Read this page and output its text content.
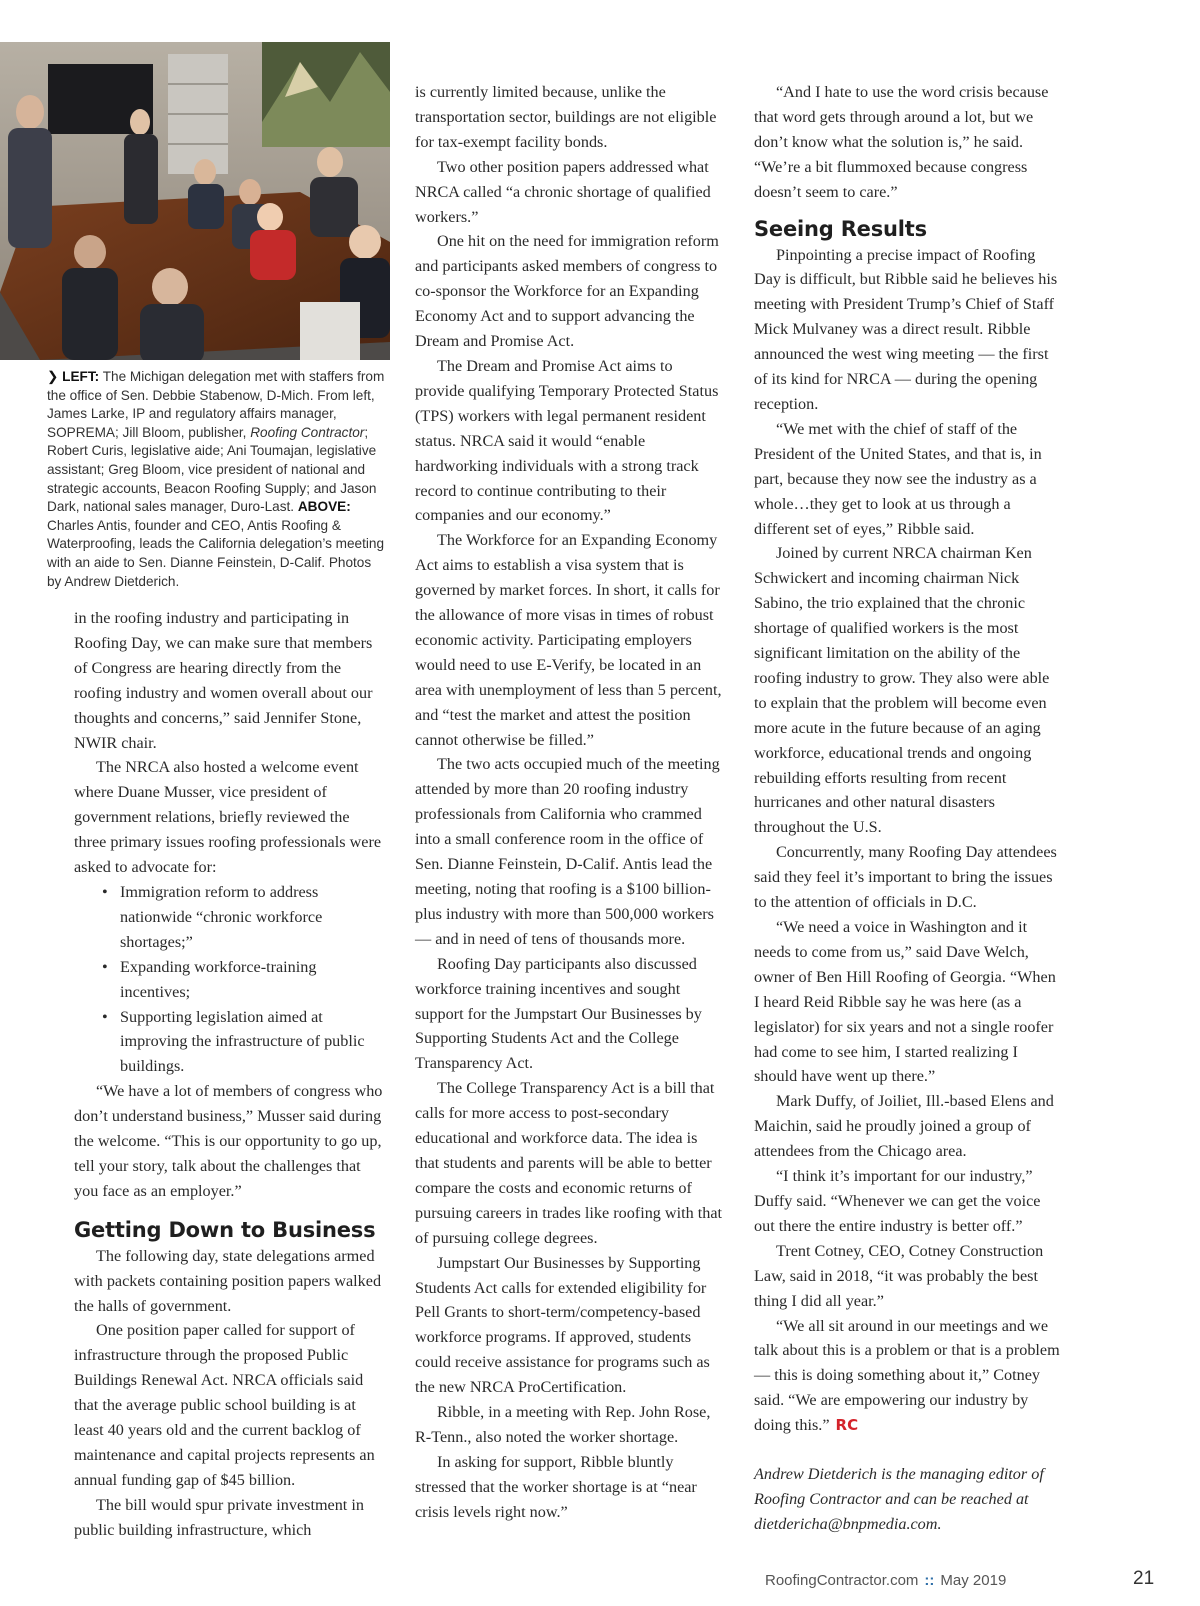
❯ LEFT: The Michigan delegation met with staffers from the office of Sen. Debbie Stabenow, D-Mich. From left, James Larke, IP and regulatory affairs manager, SOPREMA; Jill Bloom, publisher, Roofing Contractor; Robert Curis, legislative aide; Ani Toumajan, legislative assistant; Greg Bloom, vice president of national and strategic accounts, Beacon Roofing Supply; and Jason Dark, national sales manager, Duro-Last. ABOVE: Charles Antis, founder and CEO, Antis Roofing & Waterproofing, leads the California delegation’s meeting with an aide to Sen. Dianne Feinstein, D-Calif. Photos by Andrew Dietderich.

in the roofing industry and participating in Roofing Day, we can make sure that members of Congress are hearing directly from the roofing industry and women overall about our thoughts and concerns,” said Jennifer Stone, NWIR chair.

The NRCA also hosted a welcome event where Duane Musser, vice president of government relations, briefly reviewed the three primary issues roofing professionals were asked to advocate for:

• Immigration reform to address nationwide “chronic workforce shortages;”
• Expanding workforce-training incentives;
• Supporting legislation aimed at improving the infrastructure of public buildings.

“We have a lot of members of congress who don’t understand business,” Musser said during the welcome. “This is our opportunity to go up, tell your story, talk about the challenges that you face as an employer.”

Getting Down to Business

The following day, state delegations armed with packets containing position papers walked the halls of government.

One position paper called for support of infrastructure through the proposed Public Buildings Renewal Act. NRCA officials said that the average public school building is at least 40 years old and the current backlog of maintenance and capital projects represents an annual funding gap of $45 billion.

The bill would spur private investment in public building infrastructure, which

is currently limited because, unlike the transportation sector, buildings are not eligible for tax-exempt facility bonds.

Two other position papers addressed what NRCA called “a chronic shortage of qualified workers.”

One hit on the need for immigration reform and participants asked members of congress to co-sponsor the Workforce for an Expanding Economy Act and to support advancing the Dream and Promise Act.

The Dream and Promise Act aims to provide qualifying Temporary Protected Status (TPS) workers with legal permanent resident status. NRCA said it would “enable hardworking individuals with a strong track record to continue contributing to their companies and our economy.”

The Workforce for an Expanding Economy Act aims to establish a visa system that is governed by market forces. In short, it calls for the allowance of more visas in times of robust economic activity. Participating employers would need to use E-Verify, be located in an area with unemployment of less than 5 percent, and “test the market and attest the position cannot otherwise be filled.”

The two acts occupied much of the meeting attended by more than 20 roofing industry professionals from California who crammed into a small conference room in the office of Sen. Dianne Feinstein, D-Calif. Antis lead the meeting, noting that roofing is a $100 billion-plus industry with more than 500,000 workers — and in need of tens of thousands more.

Roofing Day participants also discussed workforce training incentives and sought support for the Jumpstart Our Businesses by Supporting Students Act and the College Transparency Act.

The College Transparency Act is a bill that calls for more access to post-secondary educational and workforce data. The idea is that students and parents will be able to better compare the costs and economic returns of pursuing careers in trades like roofing with that of pursuing college degrees.

Jumpstart Our Businesses by Supporting Students Act calls for extended eligibility for Pell Grants to short-term/competency-based workforce programs. If approved, students could receive assistance for programs such as the new NRCA ProCertification.

Ribble, in a meeting with Rep. John Rose, R-Tenn., also noted the worker shortage.

In asking for support, Ribble bluntly stressed that the worker shortage is at “near crisis levels right now.”

“And I hate to use the word crisis because that word gets through around a lot, but we don’t know what the solution is,” he said. “We’re a bit flummoxed because congress doesn’t seem to care.”

Seeing Results

Pinpointing a precise impact of Roofing Day is difficult, but Ribble said he believes his meeting with President Trump’s Chief of Staff Mick Mulvaney was a direct result. Ribble announced the west wing meeting — the first of its kind for NRCA — during the opening reception.

“We met with the chief of staff of the President of the United States, and that is, in part, because they now see the industry as a whole…they get to look at us through a different set of eyes,” Ribble said.

Joined by current NRCA chairman Ken Schwickert and incoming chairman Nick Sabino, the trio explained that the chronic shortage of qualified workers is the most significant limitation on the ability of the roofing industry to grow. They also were able to explain that the problem will become even more acute in the future because of an aging workforce, educational trends and ongoing rebuilding efforts resulting from recent hurricanes and other natural disasters throughout the U.S.

Concurrently, many Roofing Day attendees said they feel it’s important to bring the issues to the attention of officials in D.C.

“We need a voice in Washington and it needs to come from us,” said Dave Welch, owner of Ben Hill Roofing of Georgia. “When I heard Reid Ribble say he was here (as a legislator) for six years and not a single roofer had come to see him, I started realizing I should have went up there.”

Mark Duffy, of Joiliet, Ill.-based Elens and Maichin, said he proudly joined a group of attendees from the Chicago area.

“I think it’s important for our industry,” Duffy said. “Whenever we can get the voice out there the entire industry is better off.”

Trent Cotney, CEO, Cotney Construction Law, said in 2018, “it was probably the best thing I did all year.”

“We all sit around in our meetings and we talk about this is a problem or that is a problem — this is doing something about it,” Cotney said. “We are empowering our industry by doing this.” RC

Andrew Dietderich is the managing editor of Roofing Contractor and can be reached at dietdericha@bnpmedia.com.

RoofingContractor.com :: May 2019	21
